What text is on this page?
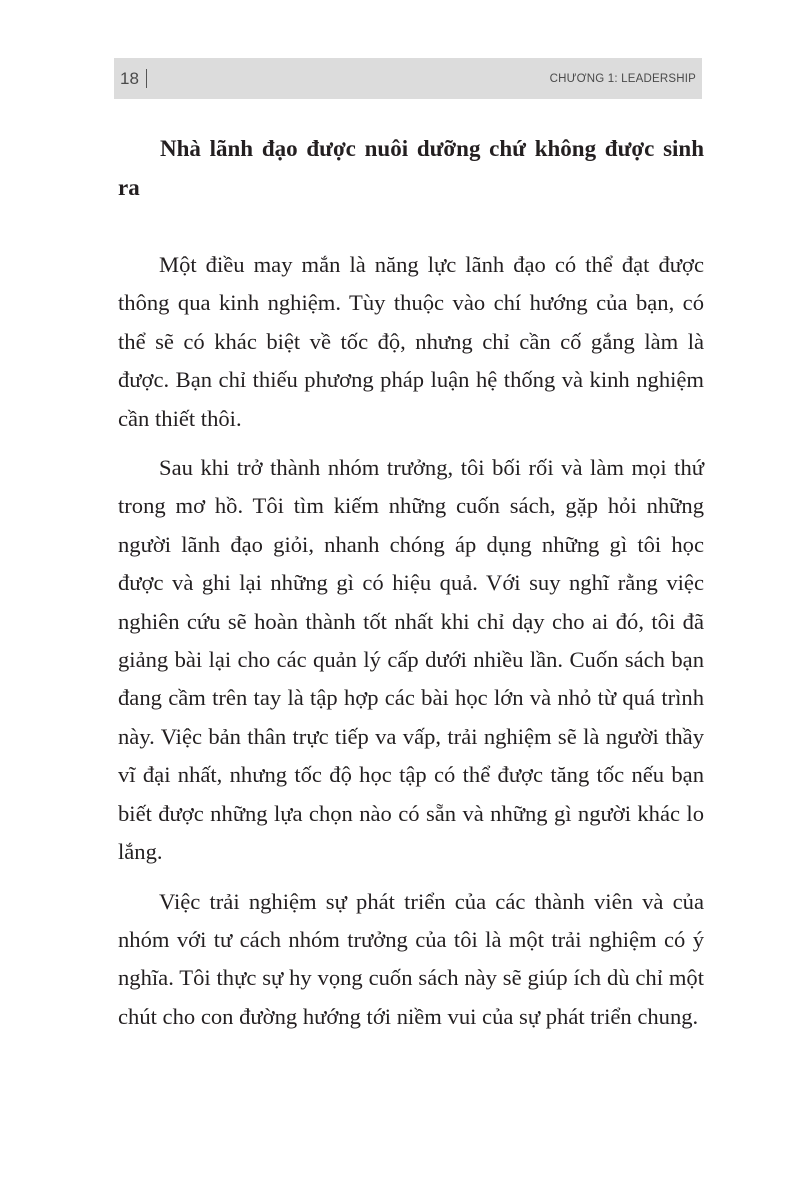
18	CHƯƠNG 1: LEADERSHIP
Nhà lãnh đạo được nuôi dưỡng chứ không được sinh ra

Một điều may mắn là năng lực lãnh đạo có thể đạt được thông qua kinh nghiệm. Tùy thuộc vào chí hướng của bạn, có thể sẽ có khác biệt về tốc độ, nhưng chỉ cần cố gắng làm là được. Bạn chỉ thiếu phương pháp luận hệ thống và kinh nghiệm cần thiết thôi.

Sau khi trở thành nhóm trưởng, tôi bối rối và làm mọi thứ trong mơ hồ. Tôi tìm kiếm những cuốn sách, gặp hỏi những người lãnh đạo giỏi, nhanh chóng áp dụng những gì tôi học được và ghi lại những gì có hiệu quả. Với suy nghĩ rằng việc nghiên cứu sẽ hoàn thành tốt nhất khi chỉ dạy cho ai đó, tôi đã giảng bài lại cho các quản lý cấp dưới nhiều lần. Cuốn sách bạn đang cầm trên tay là tập hợp các bài học lớn và nhỏ từ quá trình này. Việc bản thân trực tiếp va vấp, trải nghiệm sẽ là người thầy vĩ đại nhất, nhưng tốc độ học tập có thể được tăng tốc nếu bạn biết được những lựa chọn nào có sẵn và những gì người khác lo lắng.

Việc trải nghiệm sự phát triển của các thành viên và của nhóm với tư cách nhóm trưởng của tôi là một trải nghiệm có ý nghĩa. Tôi thực sự hy vọng cuốn sách này sẽ giúp ích dù chỉ một chút cho con đường hướng tới niềm vui của sự phát triển chung.
